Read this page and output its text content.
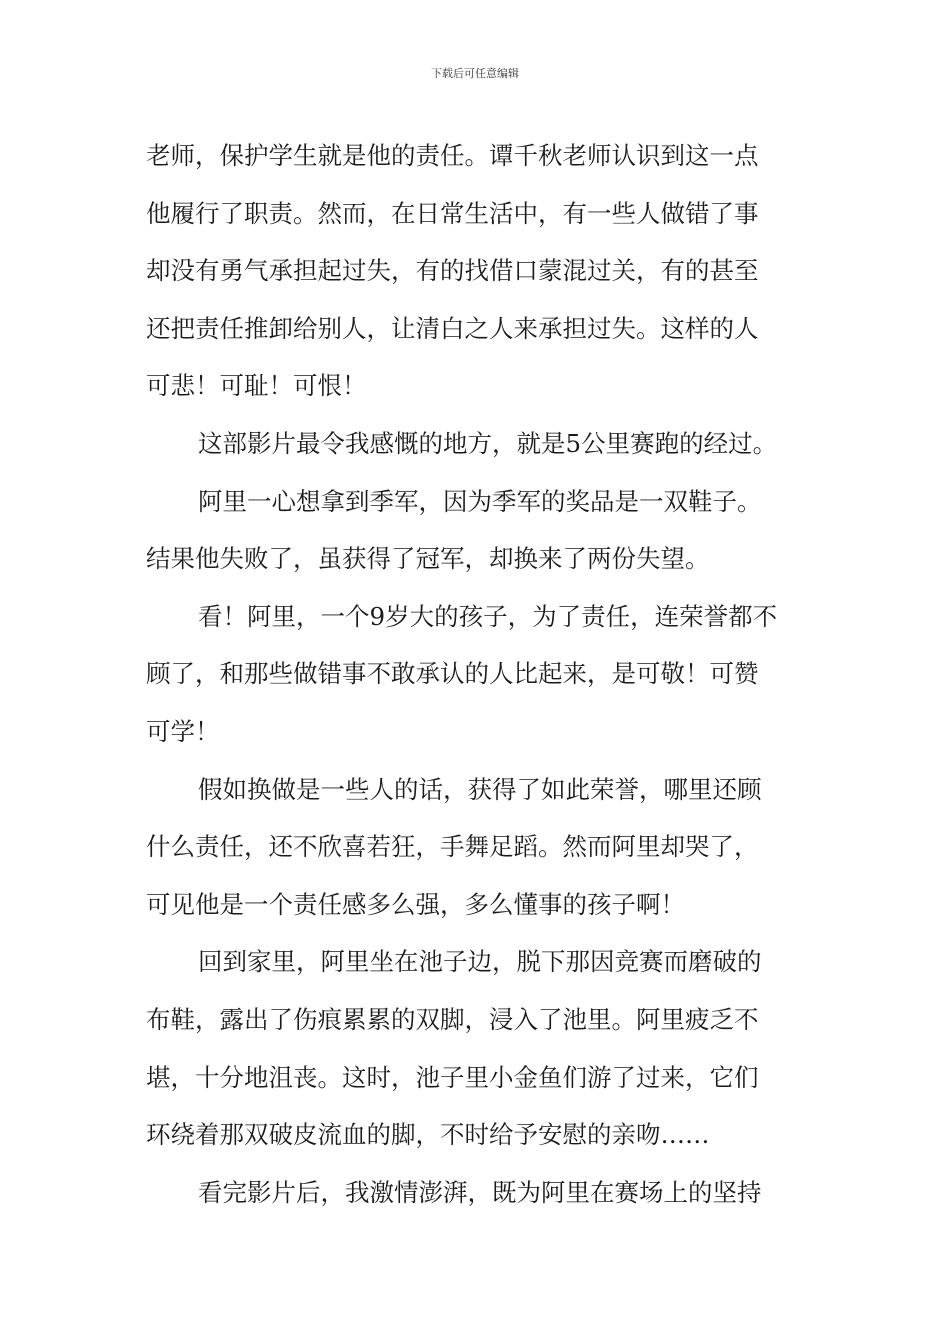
下载后可任意编辑
老师，保护学生就是他的责任。谭千秋老师认识到这一点
他履行了职责。然而，在日常生活中，有一些人做错了事
却没有勇气承担起过失，有的找借口蒙混过关，有的甚至
还把责任推卸给别人，让清白之人来承担过失。这样的人
可悲！可耻！可恨！
这部影片最令我感慨的地方，就是5公里赛跑的经过。
阿里一心想拿到季军，因为季军的奖品是一双鞋子。
结果他失败了，虽获得了冠军，却换来了两份失望。
看！阿里，一个9岁大的孩子，为了责任，连荣誉都不
顾了，和那些做错事不敢承认的人比起来，是可敬！可赞
可学！
假如换做是一些人的话，获得了如此荣誉，哪里还顾
什么责任，还不欣喜若狂，手舞足蹈。然而阿里却哭了，
可见他是一个责任感多么强，多么懂事的孩子啊！
回到家里，阿里坐在池子边，脱下那因竞赛而磨破的
布鞋，露出了伤痕累累的双脚，浸入了池里。阿里疲乏不
堪，十分地沮丧。这时，池子里小金鱼们游了过来，它们
环绕着那双破皮流血的脚，不时给予安慰的亲吻……
看完影片后，我激情澎湃，既为阿里在赛场上的坚持
